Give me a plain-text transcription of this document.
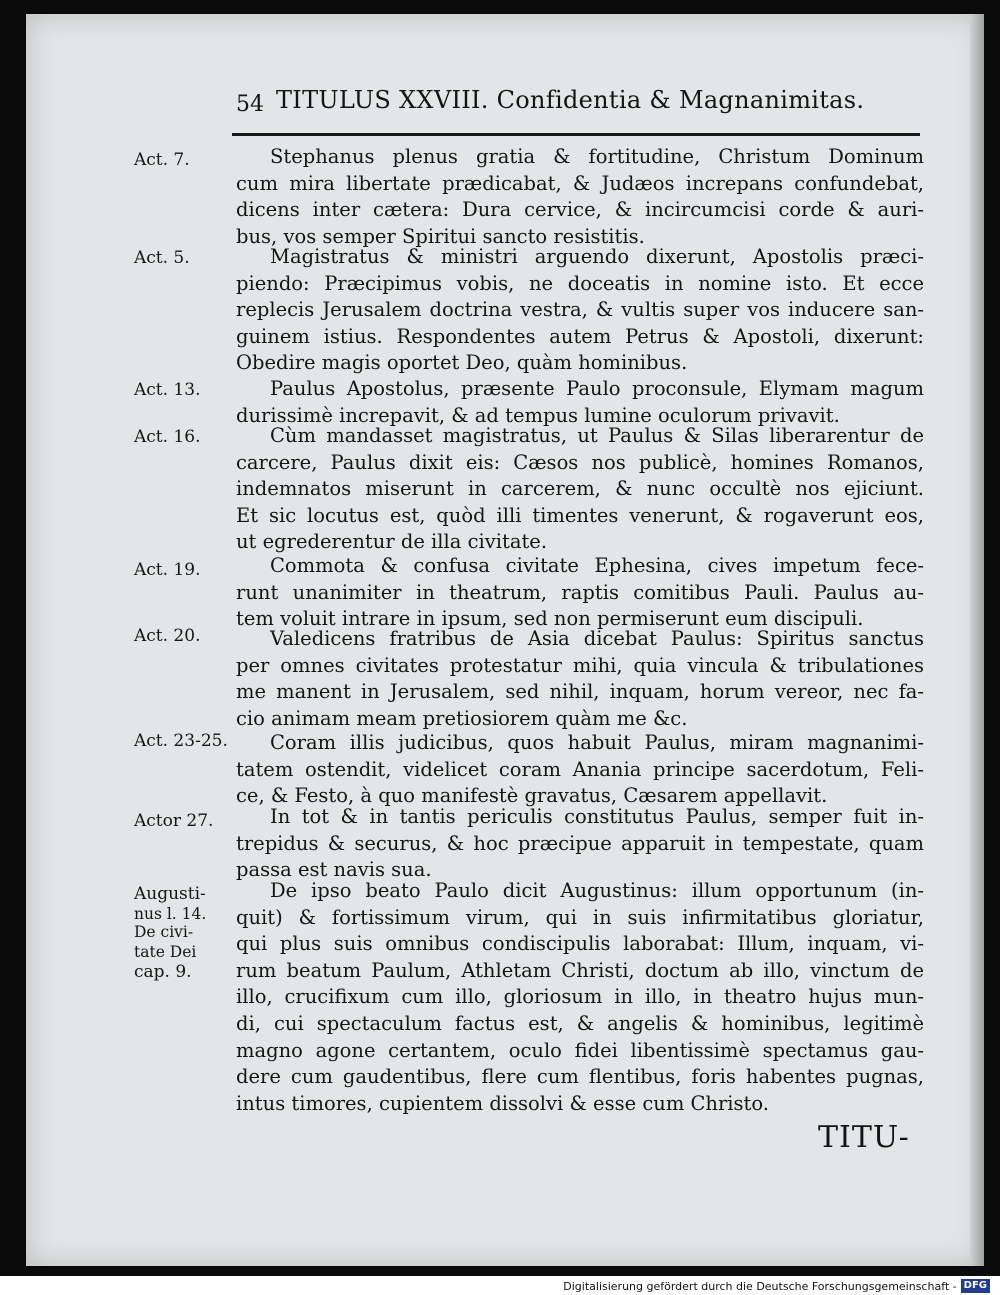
54 TITULUS XXVIII. Confidentia & Magnanimitas.
Act. 7.
Act. 5.
Act. 13.
Act. 16.
Act. 19.
Act. 20.
Act. 23-25.
Actor 27.
Augusti-
nus l. 14.
De civi-
tate Dei
cap. 9.
Stephanus plenus gratia & fortitudine, Christum Dominum
cum mira libertate prædicabat, & Judæos increpans confundebat,
dicens inter cætera: Dura cervice, & incircumcisi corde & auri-
bus, vos semper Spiritui sancto resistitis.
Magistratus & ministri arguendo dixerunt, Apostolis præci-
piendo: Præcipimus vobis, ne doceatis in nomine isto. Et ecce
replecis Jerusalem doctrina vestra, & vultis super vos inducere san-
guinem istius. Respondentes autem Petrus & Apostoli, dixerunt:
Obedire magis oportet Deo, quàm hominibus.
Paulus Apostolus, præsente Paulo proconsule, Elymam magum
durissimè increpavit, & ad tempus lumine oculorum privavit.
Cùm mandasset magistratus, ut Paulus & Silas liberarentur de
carcere, Paulus dixit eis: Cæsos nos publicè, homines Romanos,
indemnatos miserunt in carcerem, & nunc occultè nos ejiciunt.
Et sic locutus est, quòd illi timentes venerunt, & rogaverunt eos,
ut egrederentur de illa civitate.
Commota & confusa civitate Ephesina, cives impetum fece-
runt unanimiter in theatrum, raptis comitibus Pauli. Paulus au-
tem voluit intrare in ipsum, sed non permiserunt eum discipuli.
Valedicens fratribus de Asia dicebat Paulus: Spiritus sanctus
per omnes civitates protestatur mihi, quia vincula & tribulationes
me manent in Jerusalem, sed nihil, inquam, horum vereor, nec fa-
cio animam meam pretiosiorem quàm me &c.
Coram illis judicibus, quos habuit Paulus, miram magnanimi-
tatem ostendit, videlicet coram Anania principe sacerdotum, Feli-
ce, & Festo, à quo manifestè gravatus, Cæsarem appellavit.
In tot & in tantis periculis constitutus Paulus, semper fuit in-
trepidus & securus, & hoc præcipue apparuit in tempestate, quam
passa est navis sua.
De ipso beato Paulo dicit Augustinus: illum opportunum (in-
quit) & fortissimum virum, qui in suis infirmitatibus gloriatur,
qui plus suis omnibus condiscipulis laborabat: Illum, inquam, vi-
rum beatum Paulum, Athletam Christi, doctum ab illo, vinctum de
illo, crucifixum cum illo, gloriosum in illo, in theatro hujus mun-
di, cui spectaculum factus est, & angelis & hominibus, legitimè
magno agone certantem, oculo fidei libentissimè spectamus gau-
dere cum gaudentibus, flere cum flentibus, foris habentes pugnas,
intus timores, cupientem dissolvi & esse cum Christo.
TITU-
Digitalisierung gefördert durch die Deutsche Forschungsgemeinschaft - DFG
